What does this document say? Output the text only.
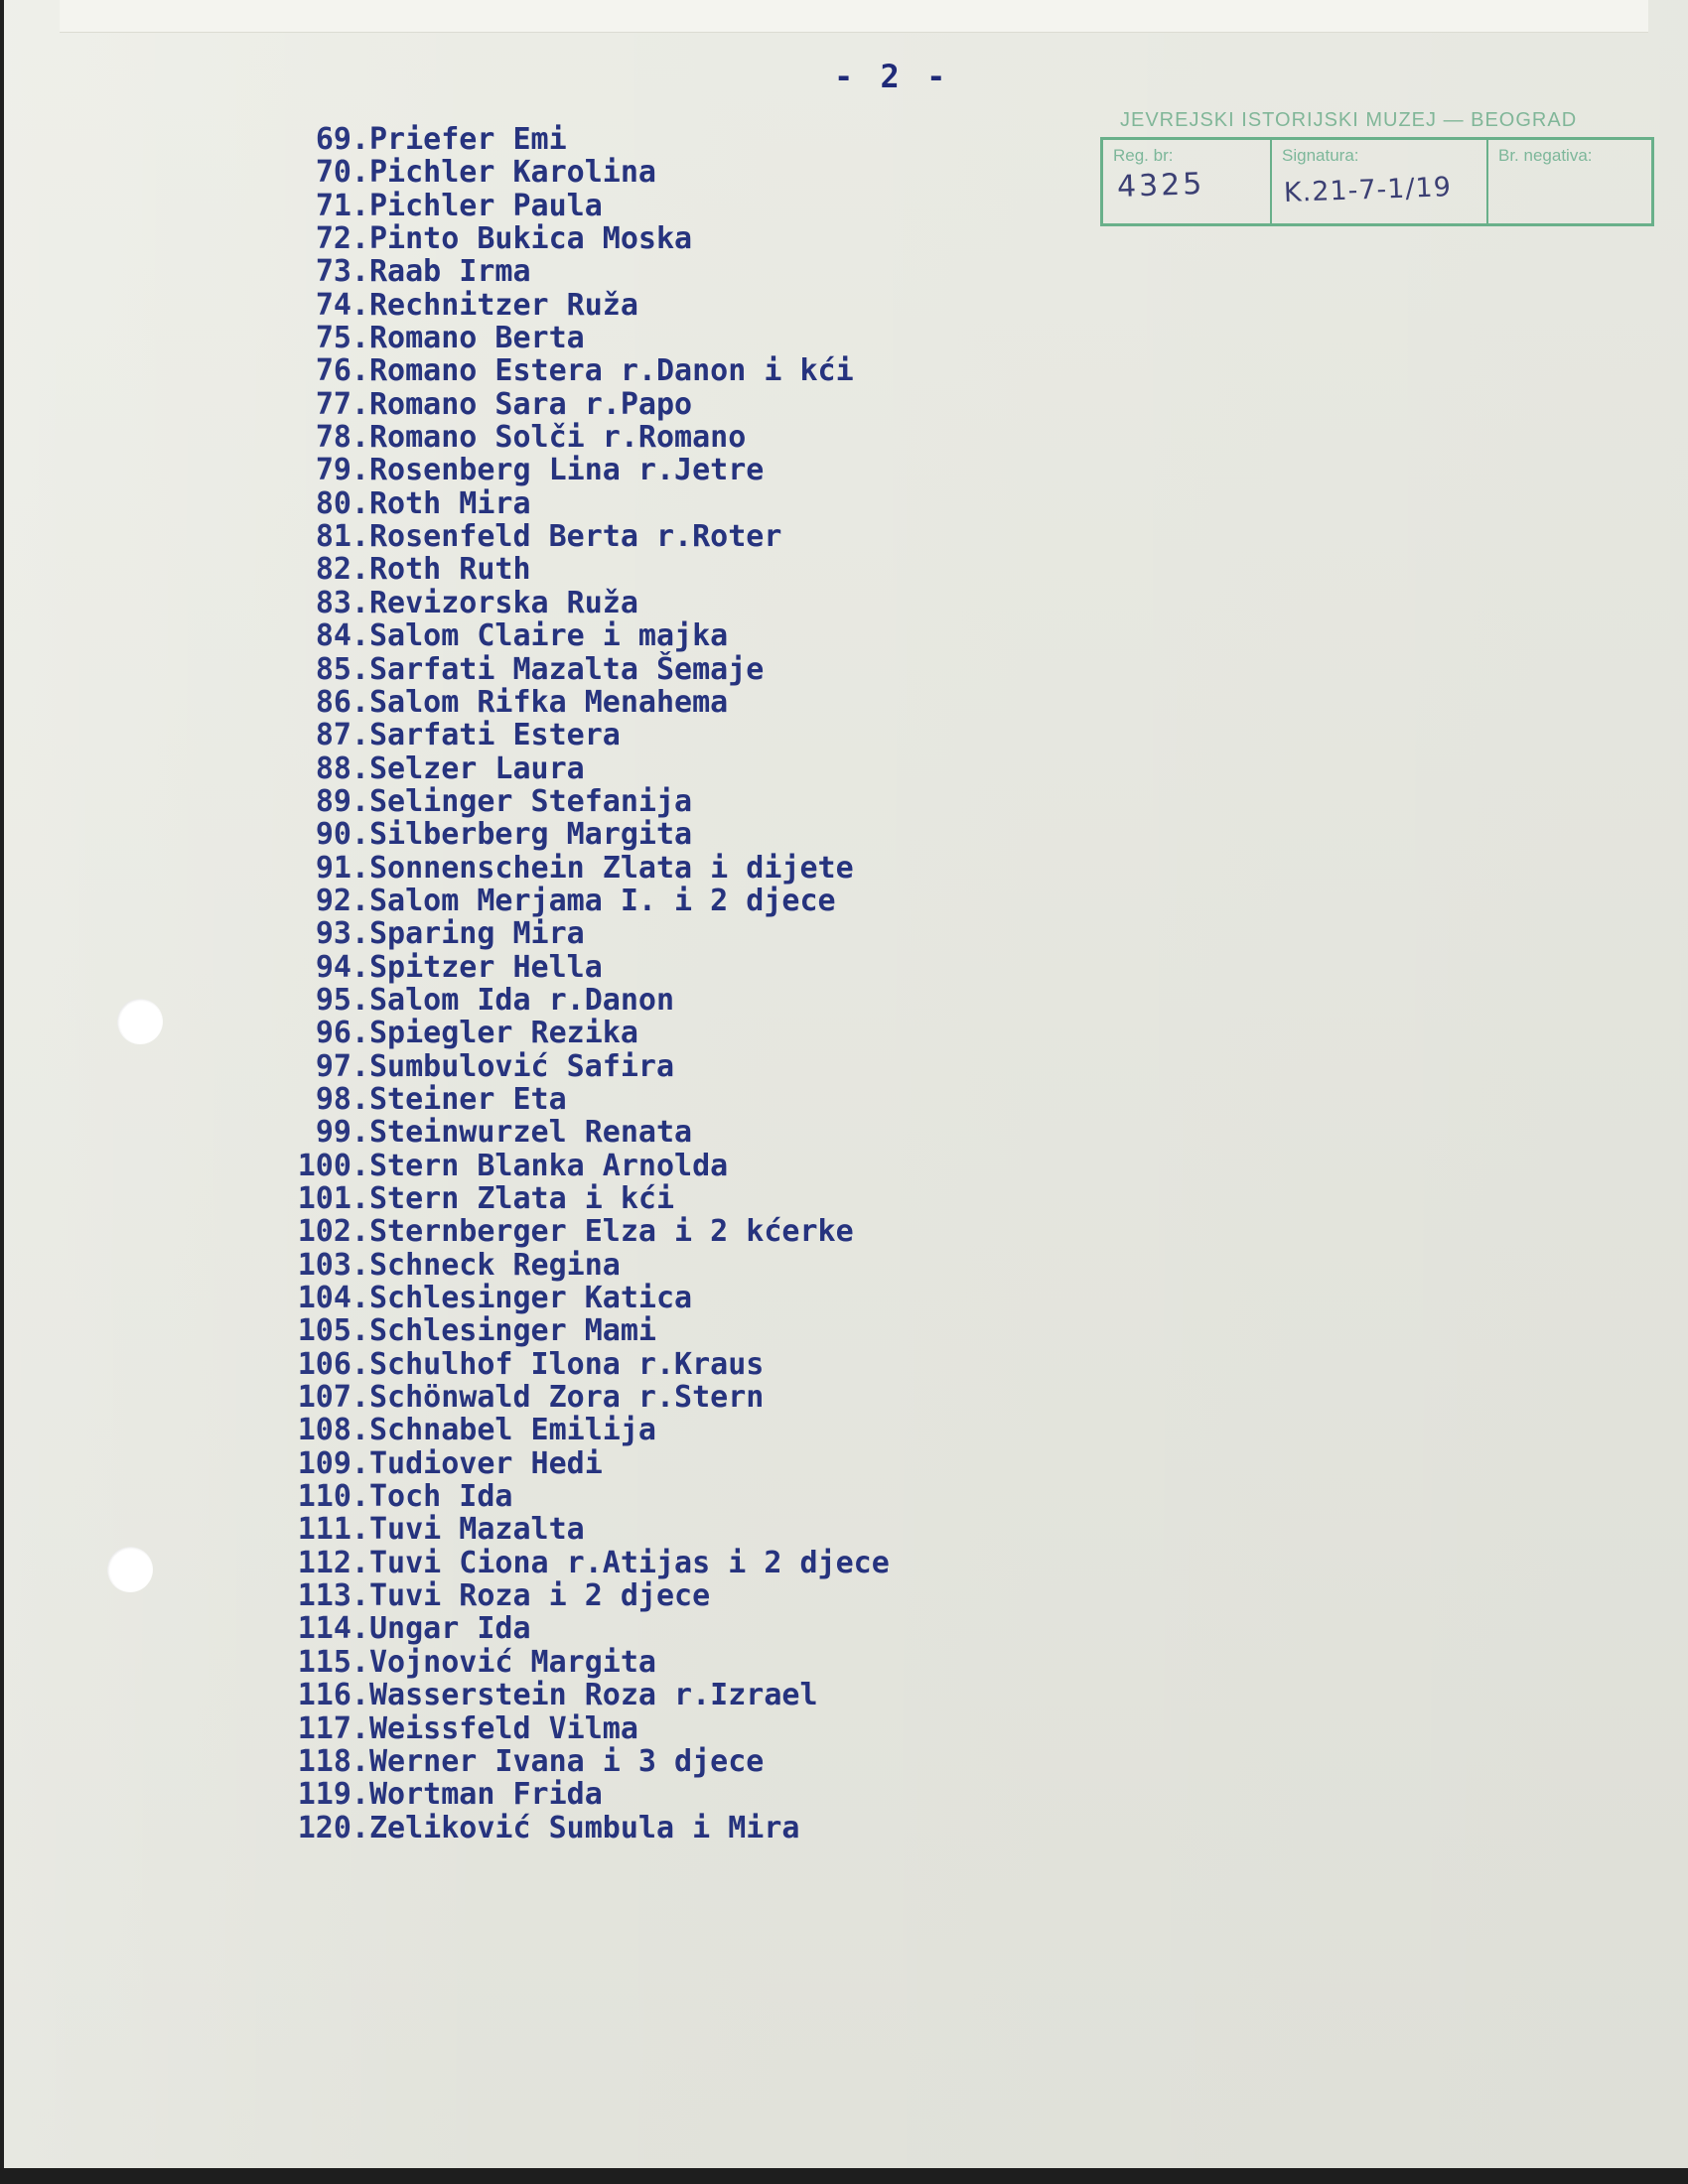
- 2 -
JEVREJSKI ISTORIJSKI MUZEJ — BEOGRAD
Reg. br:
4325
Signatura:
K.21-7-1/19
Br. negativa:
69. Priefer Emi
70. Pichler Karolina
71. Pichler Paula
72. Pinto Bukica Moska
73. Raab Irma
74. Rechnitzer Ruža
75. Romano Berta
76. Romano Estera r.Danon i kći
77. Romano Sara r.Papo
78. Romano Solči r.Romano
79. Rosenberg Lina r.Jetre
80. Roth Mira
81. Rosenfeld Berta r.Roter
82. Roth Ruth
83. Revizorska Ruža
84. Salom Claire i majka
85. Sarfati Mazalta Šemaje
86. Salom Rifka Menahema
87. Sarfati Estera
88. Selzer Laura
89. Selinger Stefanija
90. Silberberg Margita
91. Sonnenschein Zlata i dijete
92. Salom Merjama I. i 2 djece
93. Sparing Mira
94. Spitzer Hella
95. Salom Ida r.Danon
96. Spiegler Rezika
97. Sumbulović Safira
98. Steiner Eta
99. Steinwurzel Renata
100. Stern Blanka Arnolda
101. Stern Zlata i kći
102. Sternberger Elza i 2 kćerke
103. Schneck Regina
104. Schlesinger Katica
105. Schlesinger Mami
106. Schulhof Ilona r.Kraus
107. Schönwald Zora r.Stern
108. Schnabel Emilija
109. Tudiover Hedi
110. Toch Ida
111. Tuvi Mazalta
112. Tuvi Ciona r.Atijas i 2 djece
113. Tuvi Roza i 2 djece
114. Ungar Ida
115. Vojnović Margita
116. Wasserstein Roza r.Izrael
117. Weissfeld Vilma
118. Werner Ivana i 3 djece
119. Wortman Frida
120. Zeliković Sumbula i Mira
